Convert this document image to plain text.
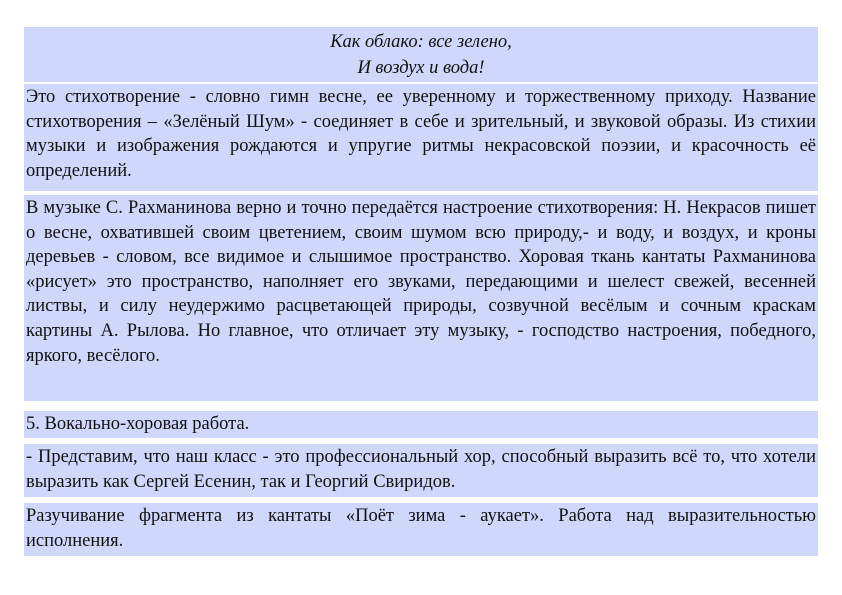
Как облако: все зелено,
И воздух и вода!
Это стихотворение - словно гимн весне, ее уверенному и торжественному приходу. Название стихотворения – «Зелёный Шум» - соединяет в себе и зрительный, и звуковой образы. Из стихии музыки и изображения рождаются и упругие ритмы некрасовской поэзии, и красочность её определений.
В музыке С. Рахманинова верно и точно передаётся настроение стихотворения: Н. Некрасов пишет о весне, охватившей своим цветением, своим шумом всю природу,- и воду, и воздух, и кроны деревьев - словом, все видимое и слышимое пространство. Хоровая ткань кантаты Рахманинова «рисует» это пространство, наполняет его звуками, передающими и шелест свежей, весенней листвы, и силу неудержимо расцветающей природы, созвучной весёлым и сочным краскам картины А. Рылова. Но главное, что отличает эту музыку, - господство настроения, победного, яркого, весёлого.
5. Вокально-хоровая работа.
- Представим, что наш класс - это профессиональный хор, способный выразить всё то, что хотели выразить как Сергей Есенин, так и Георгий Свиридов.
Разучивание фрагмента из кантаты «Поёт зима - аукает». Работа над выразительностью исполнения.
